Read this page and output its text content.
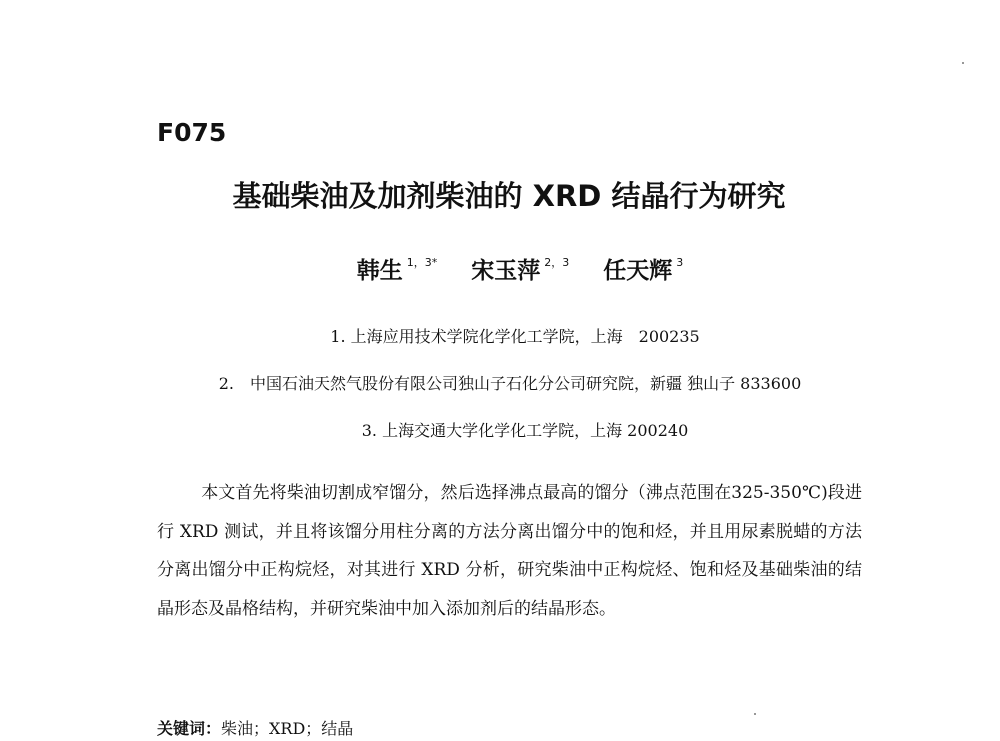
F075
基础柴油及加剂柴油的 XRD 结晶行为研究
韩生 $^{1,3*}$ 宋玉萍 $^{2,3}$ 任天辉 $^3$
1. 上海应用技术学院化学化工学院，上海　200235
2.　中国石油天然气股份有限公司独山子石化分公司研究院，新疆 独山子 833600
3. 上海交通大学化学化工学院，上海 200240

本文首先将柴油切割成窄馏分，然后选择沸点最高的馏分（沸点范围在325-350℃)段进行 XRD 测试，并且将该馏分用柱分离的方法分离出馏分中的饱和烃，并且用尿素脱蜡的方法分离出馏分中正构烷烃，对其进行 XRD 分析，研究柴油中正构烷烃、饱和烃及基础柴油的结晶形态及晶格结构，并研究柴油中加入添加剂后的结晶形态。

关键词：柴油；XRD；结晶
